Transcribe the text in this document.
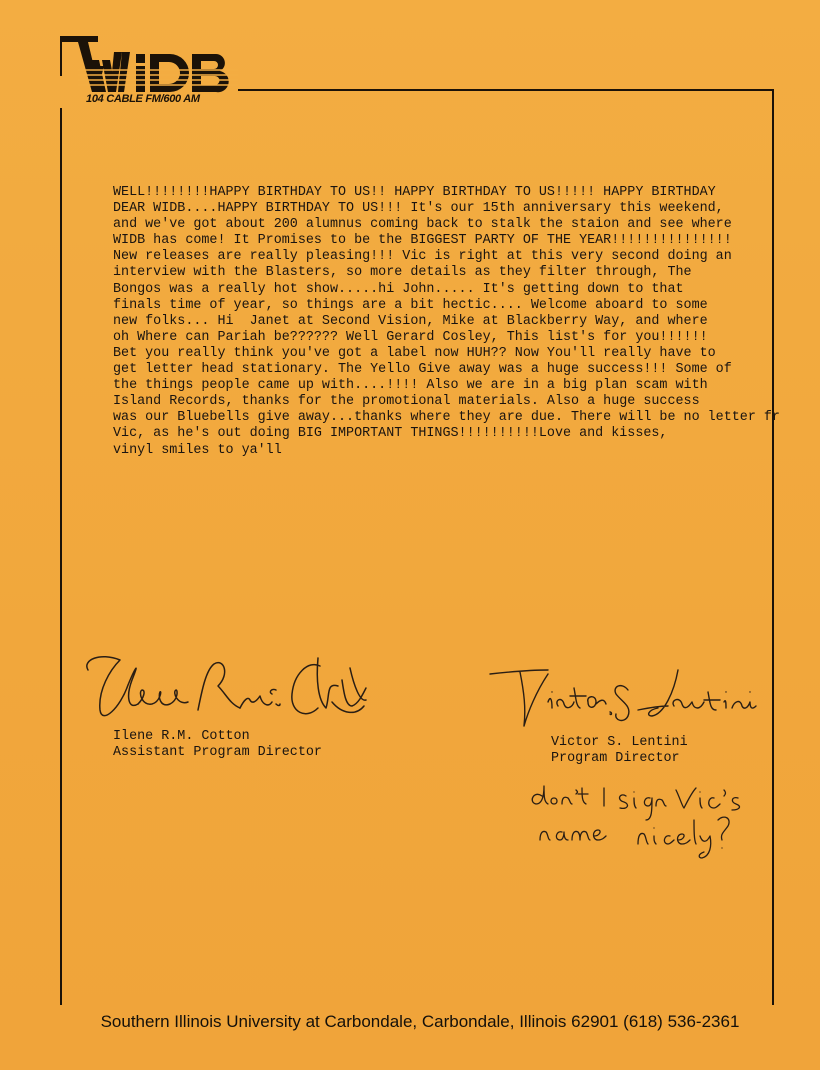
104 CABLE FM/600 AM
WELL!!!!!!!!HAPPY BIRTHDAY TO US!! HAPPY BIRTHDAY TO US!!!!! HAPPY BIRTHDAY
DEAR WIDB....HAPPY BIRTHDAY TO US!!! It's our 15th anniversary this weekend,
and we've got about 200 alumnus coming back to stalk the staion and see where
WIDB has come! It Promises to be the BIGGEST PARTY OF THE YEAR!!!!!!!!!!!!!!!
New releases are really pleasing!!! Vic is right at this very second doing an
interview with the Blasters, so more details as they filter through, The
Bongos was a really hot show.....hi John..... It's getting down to that
finals time of year, so things are a bit hectic.... Welcome aboard to some
new folks... Hi  Janet at Second Vision, Mike at Blackberry Way, and where
oh Where can Pariah be?????? Well Gerard Cosley, This list's for you!!!!!!
Bet you really think you've got a label now HUH?? Now You'll really have to
get letter head stationary. The Yello Give away was a huge success!!! Some of
the things people came up with....!!!! Also we are in a big plan scam with
Island Records, thanks for the promotional materials. Also a huge success
was our Bluebells give away...thanks where they are due. There will be no letter fr
Vic, as he's out doing BIG IMPORTANT THINGS!!!!!!!!!!Love and kisses,
vinyl smiles to ya'll
Ilene R.M. Cotton
Assistant Program Director
Victor S. Lentini
Program Director
Southern Illinois University at Carbondale, Carbondale, Illinois 62901 (618) 536-2361
